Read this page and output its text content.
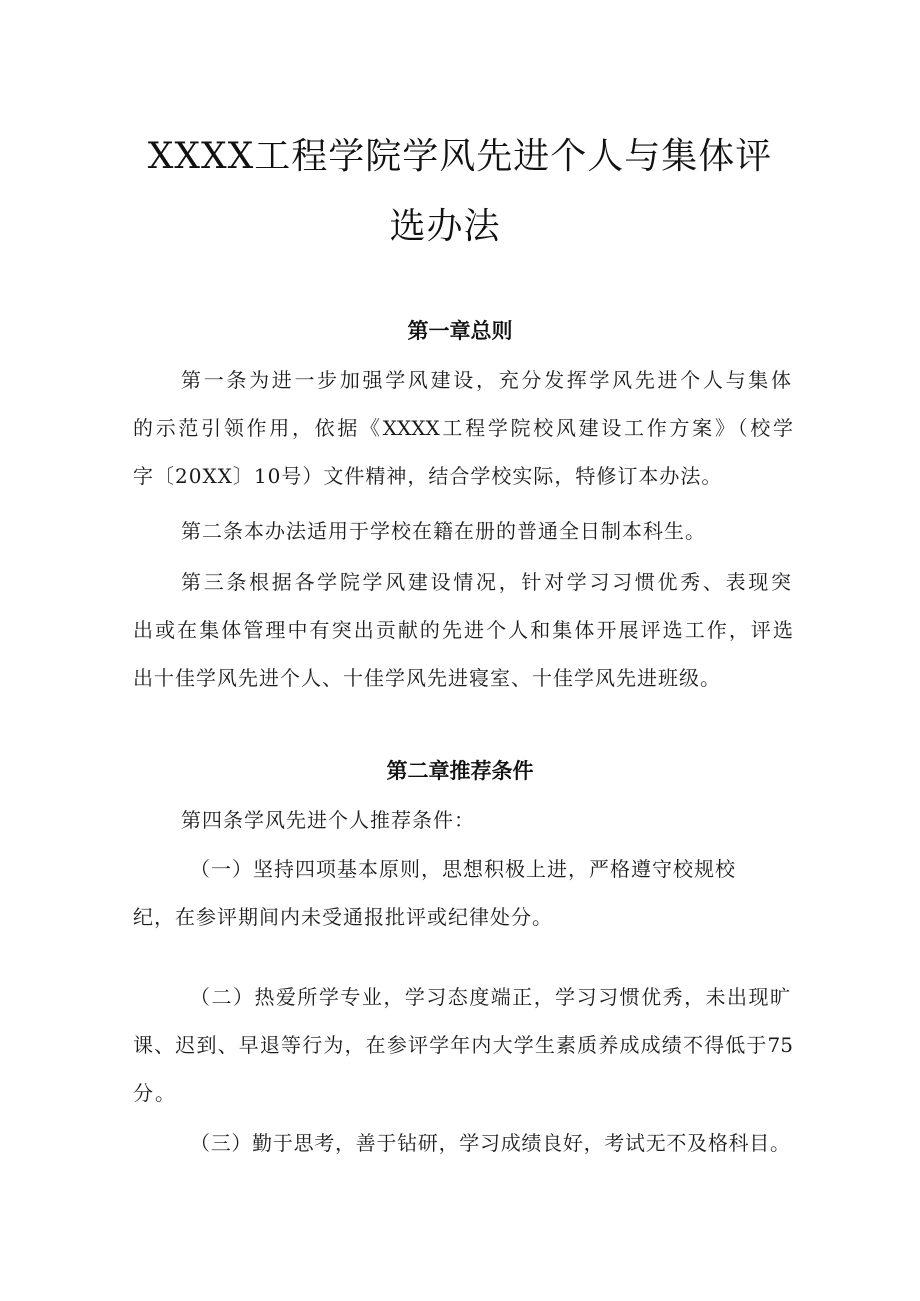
XXXX工程学院学风先进个人与集体评
选办法
第一章总则
第一条为进一步加强学风建设，充分发挥学风先进个人与集体
的示范引领作用，依据《XXXX工程学院校风建设工作方案》（校学
字〔20XX〕10号）文件精神，结合学校实际，特修订本办法。
第二条本办法适用于学校在籍在册的普通全日制本科生。
第三条根据各学院学风建设情况，针对学习习惯优秀、表现突
出或在集体管理中有突出贡献的先进个人和集体开展评选工作，评选
出十佳学风先进个人、十佳学风先进寝室、十佳学风先进班级。
第二章推荐条件
第四条学风先进个人推荐条件：
（一）坚持四项基本原则，思想积极上进，严格遵守校规校
纪，在参评期间内未受通报批评或纪律处分。
（二）热爱所学专业，学习态度端正，学习习惯优秀，未出现旷
课、迟到、早退等行为，在参评学年内大学生素质养成成绩不得低于75
分。
（三）勤于思考，善于钻研，学习成绩良好，考试无不及格科目。
